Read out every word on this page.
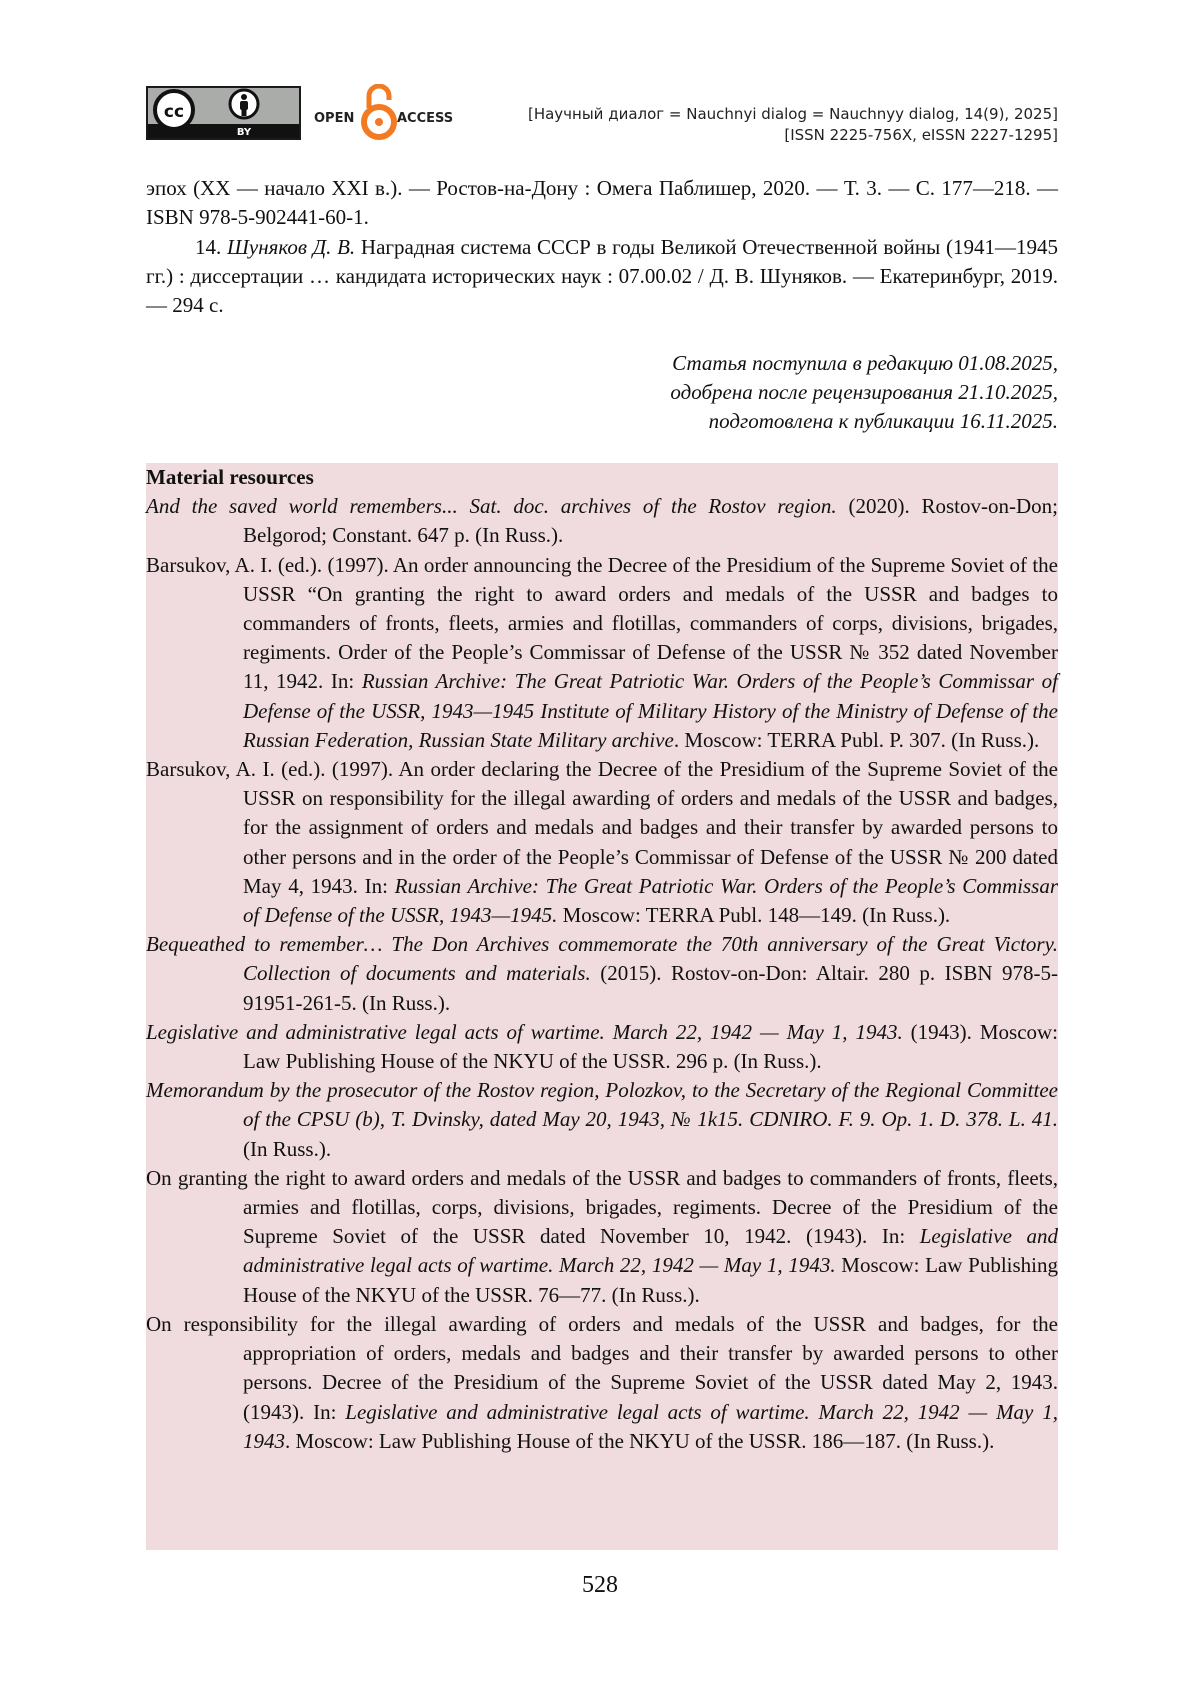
cc
BY
OPEN	ACCESS	[Научный диалог = Nauchnyi dialog = Nauchnyy dialog, 14(9), 2025]
[ISSN 2225-756X, eISSN 2227-1295]
эпох (XX — начало XXI в.). — Ростов-на-Дону : Омега Паблишер, 2020. — Т. 3. — С. 177—218. — ISBN 978-5-902441-60-1.
14. Шуняков Д. В. Наградная система СССР в годы Великой Отечественной войны (1941—1945 гг.) : диссертации … кандидата исторических наук : 07.00.02 / Д. В. Шуняков. — Екатеринбург, 2019. — 294 с.
Статья поступила в редакцию 01.08.2025,
одобрена после рецензирования 21.10.2025,
подготовлена к публикации 16.11.2025.
Material resources
And the saved world remembers... Sat. doc. archives of the Rostov region. (2020). Rostov-on-Don; Belgorod; Constant. 647 p. (In Russ.).
Barsukov, A. I. (ed.). (1997). An order announcing the Decree of the Presidium of the Supreme Soviet of the USSR “On granting the right to award orders and medals of the USSR and badges to commanders of fronts, fleets, armies and flotillas, commanders of corps, divisions, brigades, regiments. Order of the People’s Commissar of Defense of the USSR № 352 dated November 11, 1942. In: Russian Archive: The Great Patriotic War. Orders of the People’s Commissar of Defense of the USSR, 1943—1945 Institute of Military History of the Ministry of Defense of the Russian Federation, Russian State Military archive. Moscow: TERRA Publ. P. 307. (In Russ.).
Barsukov, A. I. (ed.). (1997). An order declaring the Decree of the Presidium of the Supreme Soviet of the USSR on responsibility for the illegal awarding of orders and medals of the USSR and badges, for the assignment of orders and medals and badges and their transfer by awarded persons to other persons and in the order of the People’s Commissar of Defense of the USSR № 200 dated May 4, 1943. In: Russian Archive: The Great Patriotic War. Orders of the People’s Commissar of Defense of the USSR, 1943—1945. Moscow: TERRA Publ. 148—149. (In Russ.).
Bequeathed to remember… The Don Archives commemorate the 70th anniversary of the Great Victory. Collection of documents and materials. (2015). Rostov-on-Don: Altair. 280 p. ISBN 978-5-91951-261-5. (In Russ.).
Legislative and administrative legal acts of wartime. March 22, 1942 — May 1, 1943. (1943). Moscow: Law Publishing House of the NKYU of the USSR. 296 p. (In Russ.).
Memorandum by the prosecutor of the Rostov region, Polozkov, to the Secretary of the Regional Committee of the CPSU (b), T. Dvinsky, dated May 20, 1943, № 1k15. CDNIRO. F. 9. Op. 1. D. 378. L. 41. (In Russ.).
On granting the right to award orders and medals of the USSR and badges to commanders of fronts, fleets, armies and flotillas, corps, divisions, brigades, regiments. Decree of the Presidium of the Supreme Soviet of the USSR dated November 10, 1942. (1943). In: Legislative and administrative legal acts of wartime. March 22, 1942 — May 1, 1943. Moscow: Law Publishing House of the NKYU of the USSR. 76—77. (In Russ.).
On responsibility for the illegal awarding of orders and medals of the USSR and badges, for the appropriation of orders, medals and badges and their transfer by awarded persons to other persons. Decree of the Presidium of the Supreme Soviet of the USSR dated May 2, 1943. (1943). In: Legislative and administrative legal acts of wartime. March 22, 1942 — May 1, 1943. Moscow: Law Publishing House of the NKYU of the USSR. 186—187. (In Russ.).
528
